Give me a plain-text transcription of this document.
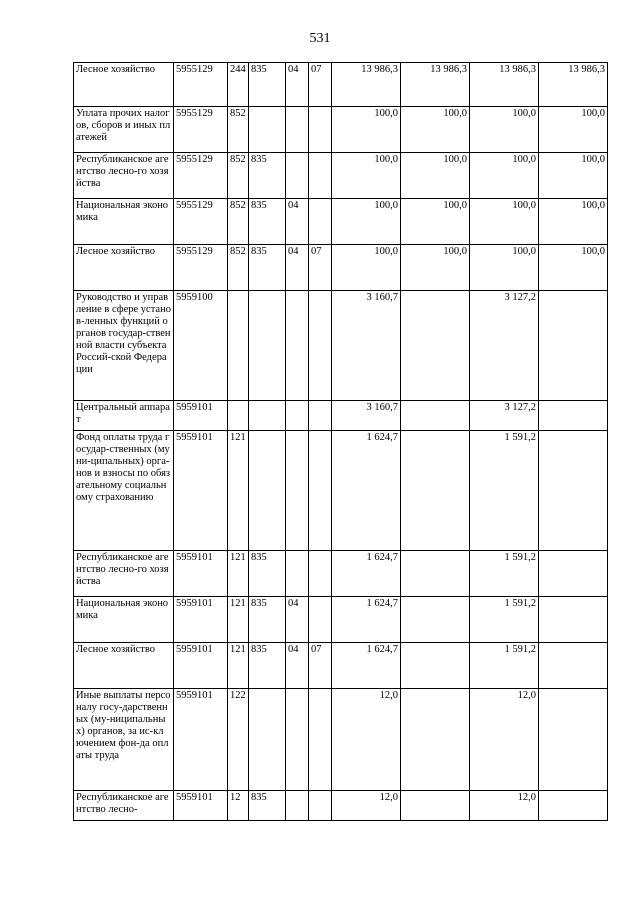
531
Лесное хозяйство	5955129	244	835	04	07	13 986,3	13 986,3	13 986,3	13 986,3
Уплата прочих налогов, сборов и иных платежей	5955129	852				100,0	100,0	100,0	100,0
Республиканское агентство лесно-го хозяйства	5955129	852	835			100,0	100,0	100,0	100,0
Национальная экономика	5955129	852	835	04		100,0	100,0	100,0	100,0
Лесное хозяйство	5955129	852	835	04	07	100,0	100,0	100,0	100,0
Руководство и управление в сфере установ-ленных функций органов государ-ственной власти субъекта Россий-ской Федерации	5959100					3 160,7		3 127,2	
Центральный аппарат	5959101					3 160,7		3 127,2	
Фонд оплаты труда государ-ственных (муни-ципальных) орга-нов и взносы по обязательному социальному страхованию	5959101	121				1 624,7		1 591,2	
Республиканское агентство лесно-го хозяйства	5959101	121	835			1 624,7		1 591,2	
Национальная экономика	5959101	121	835	04		1 624,7		1 591,2	
Лесное хозяйство	5959101	121	835	04	07	1 624,7		1 591,2	
Иные выплаты персоналу госу-дарственных (му-ниципальных) органов, за ис-ключением фон-да оплаты труда	5959101	122				12,0		12,0	
Республиканское агентство лесно-	5959101	12	835			12,0		12,0	
